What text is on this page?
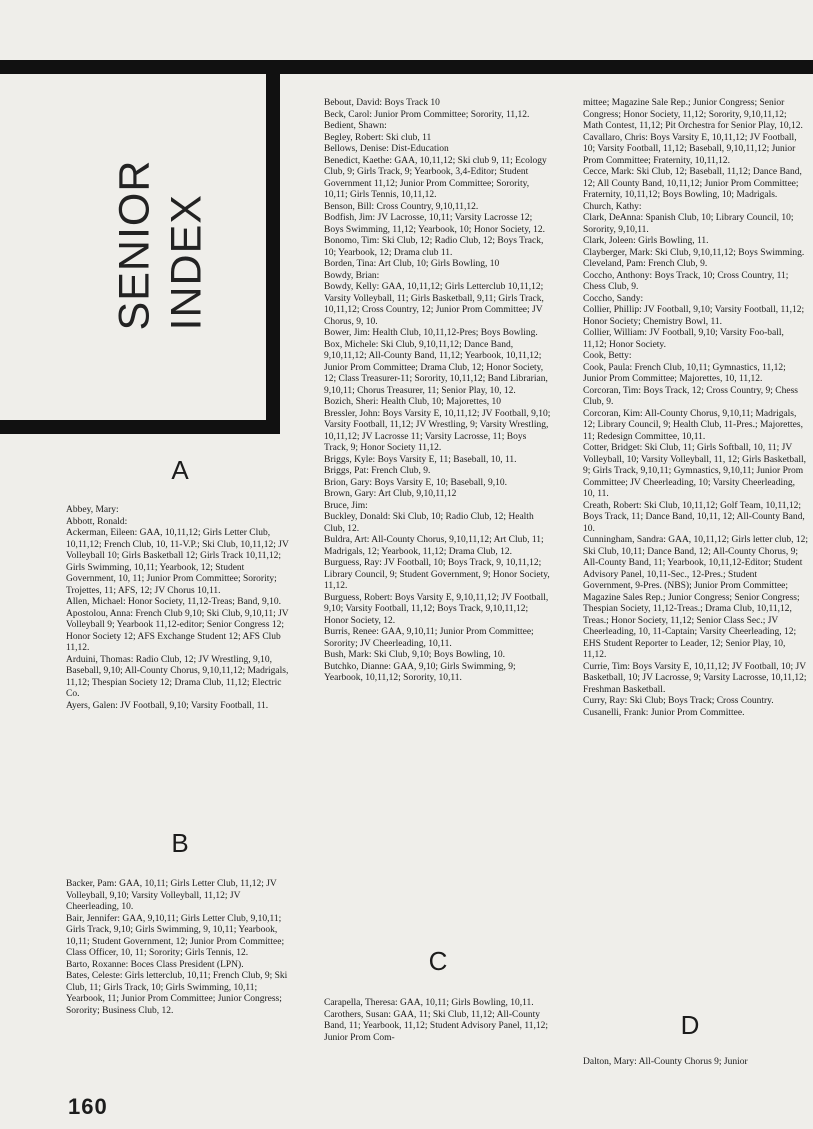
SENIOR INDEX
A

Abbey, Mary:

Abbott, Ronald:

Ackerman, Eileen: GAA, 10,11,12; Girls Letter Club, 10,11,12; French Club, 10, 11-V.P.; Ski Club, 10,11,12; JV Volleyball 10; Girls Basketball 12; Girls Track 10,11,12; Girls Swimming, 10,11; Yearbook, 12; Student Government, 10, 11; Junior Prom Committee; Sorority; Trojettes, 11; AFS, 12; JV Chorus 10,11.

Allen, Michael: Honor Society, 11,12-Treas; Band, 9,10.

Apostolou, Anna: French Club 9,10; Ski Club, 9,10,11; JV Volleyball 9; Yearbook 11,12-editor; Senior Congress 12; Honor Society 12; AFS Exchange Student 12; AFS Club 11,12.

Arduini, Thomas: Radio Club, 12; JV Wrestling, 9,10, Baseball, 9,10; All-County Chorus, 9,10,11,12; Madrigals, 11,12; Thespian Society 12; Drama Club, 11,12; Electric Co.

Ayers, Galen: JV Football, 9,10; Varsity Football, 11.

B

Backer, Pam: GAA, 10,11; Girls Letter Club, 11,12; JV Volleyball, 9,10; Varsity Volleyball, 11,12; JV Cheerleading, 10.

Bair, Jennifer: GAA, 9,10,11; Girls Letter Club, 9,10,11; Girls Track, 9,10; Girls Swimming, 9, 10,11; Yearbook, 10,11; Student Government, 12; Junior Prom Committee; Class Officer, 10, 11; Sorority; Girls Tennis, 12.

Barto, Roxanne: Boces Class President (LPN).

Bates, Celeste: Girls letterclub, 10,11; French Club, 9; Ski Club, 11; Girls Track, 10; Girls Swimming, 10,11; Yearbook, 11; Junior Prom Committee; Junior Congress; Sorority; Business Club, 12.

Bebout, David: Boys Track 10

Beck, Carol: Junior Prom Committee; Sorority, 11,12.

Bedient, Shawn:

Begley, Robert: Ski club, 11

Bellows, Denise: Dist-Education

Benedict, Kaethe: GAA, 10,11,12; Ski club 9, 11; Ecology Club, 9; Girls Track, 9; Yearbook, 3,4-Editor; Student Government 11,12; Junior Prom Committee; Sorority, 10,11; Girls Tennis, 10,11,12.

Benson, Bill: Cross Country, 9,10,11,12.

Bodfish, Jim: JV Lacrosse, 10,11; Varsity Lacrosse 12; Boys Swimming, 11,12; Yearbook, 10; Honor Society, 12.

Bonomo, Tim: Ski Club, 12; Radio Club, 12; Boys Track, 10; Yearbook, 12; Drama club 11.

Borden, Tina: Art Club, 10; Girls Bowling, 10

Bowdy, Brian:

Bowdy, Kelly: GAA, 10,11,12; Girls Letterclub 10,11,12; Varsity Volleyball, 11; Girls Basketball, 9,11; Girls Track, 10,11,12; Cross Country, 12; Junior Prom Committee; JV Chorus, 9, 10.

Bower, Jim: Health Club, 10,11,12-Pres; Boys Bowling.

Box, Michele: Ski Club, 9,10,11,12; Dance Band, 9,10,11,12; All-County Band, 11,12; Yearbook, 10,11,12; Junior Prom Committee; Drama Club, 12; Honor Society, 12; Class Treasurer-11; Sorority, 10,11,12; Band Librarian, 9,10,11; Chorus Treasurer, 11; Senior Play, 10, 12.

Bozich, Sheri: Health Club, 10; Majorettes, 10

Bressler, John: Boys Varsity E, 10,11,12; JV Football, 9,10; Varsity Football, 11,12; JV Wrestling, 9; Varsity Wrestling, 10,11,12; JV Lacrosse 11; Varsity Lacrosse, 11; Boys Track, 9; Honor Society 11,12.

Briggs, Kyle: Boys Varsity E, 11; Baseball, 10, 11.

Briggs, Pat: French Club, 9.

Brion, Gary: Boys Varsity E, 10; Baseball, 9,10.

Brown, Gary: Art Club, 9,10,11,12

Bruce, Jim:

Buckley, Donald: Ski Club, 10; Radio Club, 12; Health Club, 12.

Buldra, Art: All-County Chorus, 9,10,11,12; Art Club, 11; Madrigals, 12; Yearbook, 11,12; Drama Club, 12.

Burguess, Ray: JV Football, 10; Boys Track, 9, 10,11,12; Library Council, 9; Student Government, 9; Honor Society, 11,12.

Burguess, Robert: Boys Varsity E, 9,10,11,12; JV Football, 9,10; Varsity Football, 11,12; Boys Track, 9,10,11,12; Honor Society, 12.

Burris, Renee: GAA, 9,10,11; Junior Prom Committee; Sorority; JV Cheerleading, 10,11.

Bush, Mark: Ski Club, 9,10; Boys Bowling, 10.

Butchko, Dianne: GAA, 9,10; Girls Swimming, 9; Yearbook, 10,11,12; Sorority, 10,11.

C

Carapella, Theresa: GAA, 10,11; Girls Bowling, 10,11.

Carothers, Susan: GAA, 11; Ski Club, 11,12; All-County Band, 11; Yearbook, 11,12; Student Advisory Panel, 11,12; Junior Prom Com-

mittee; Magazine Sale Rep.; Junior Congress; Senior Congress; Honor Society, 11,12; Sorority, 9,10,11,12; Math Contest, 11,12; Pit Orchestra for Senior Play, 10,12.

Cavallaro, Chris: Boys Varsity E, 10,11,12; JV Football, 10; Varsity Football, 11,12; Baseball, 9,10,11,12; Junior Prom Committee; Fraternity, 10,11,12.

Cecce, Mark: Ski Club, 12; Baseball, 11,12; Dance Band, 12; All County Band, 10,11,12; Junior Prom Committee; Fraternity, 10,11,12; Boys Bowling, 10; Madrigals.

Church, Kathy:

Clark, DeAnna: Spanish Club, 10; Library Council, 10; Sorority, 9,10,11.

Clark, Joleen: Girls Bowling, 11.

Clayberger, Mark: Ski Club, 9,10,11,12; Boys Swimming.

Cleveland, Pam: French Club, 9.

Coccho, Anthony: Boys Track, 10; Cross Country, 11; Chess Club, 9.

Coccho, Sandy:

Collier, Phillip: JV Football, 9,10; Varsity Football, 11,12; Honor Society; Chemistry Bowl, 11.

Collier, William: JV Football, 9,10; Varsity Foo-ball, 11,12; Honor Society.

Cook, Betty:

Cook, Paula: French Club, 10,11; Gymnastics, 11,12; Junior Prom Committee; Majorettes, 10, 11,12.

Corcoran, Tim: Boys Track, 12; Cross Country, 9; Chess Club, 9.

Corcoran, Kim: All-County Chorus, 9,10,11; Madrigals, 12; Library Council, 9; Health Club, 11-Pres.; Majorettes, 11; Redesign Committee, 10,11.

Cotter, Bridget: Ski Club, 11; Girls Softball, 10, 11; JV Volleyball, 10; Varsity Volleyball, 11, 12; Girls Basketball, 9; Girls Track, 9,10,11; Gymnastics, 9,10,11; Junior Prom Committee; JV Cheerleading, 10; Varsity Cheerleading, 10, 11.

Creath, Robert: Ski Club, 10,11,12; Golf Team, 10,11,12; Boys Track, 11; Dance Band, 10,11, 12; All-County Band, 10.

Cunningham, Sandra: GAA, 10,11,12; Girls letter club, 12; Ski Club, 10,11; Dance Band, 12; All-County Chorus, 9; All-County Band, 11; Yearbook, 10,11,12-Editor; Student Advisory Panel, 10,11-Sec., 12-Pres.; Student Government, 9-Pres. (NBS); Junior Prom Committee; Magazine Sales Rep.; Junior Congress; Senior Congress; Thespian Society, 11,12-Treas.; Drama Club, 10,11,12, Treas.; Honor Society, 11,12; Senior Class Sec.; JV Cheerleading, 10, 11-Captain; Varsity Cheerleading, 12; EHS Student Reporter to Leader, 12; Senior Play, 10, 11,12.

Currie, Tim: Boys Varsity E, 10,11,12; JV Football, 10; JV Basketball, 10; JV Lacrosse, 9; Varsity Lacrosse, 10,11,12; Freshman Basketball.

Curry, Ray: Ski Club; Boys Track; Cross Country.

Cusanelli, Frank: Junior Prom Committee.

D

Dalton, Mary: All-County Chorus 9; Junior

160
